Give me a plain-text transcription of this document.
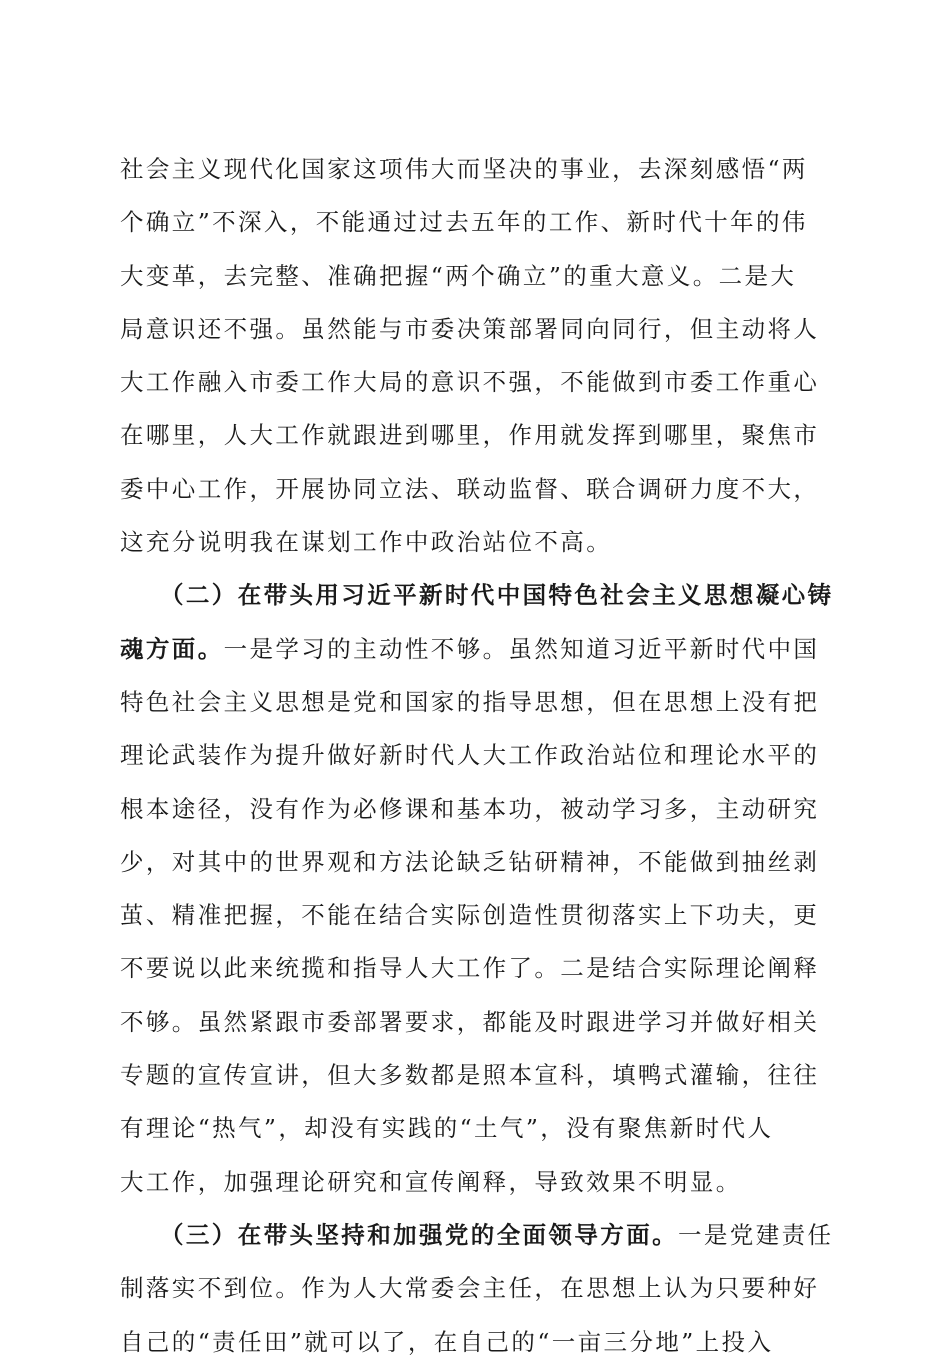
社会主义现代化国家这项伟大而坚决的事业，去深刻感悟“两
个确立”不深入，不能通过过去五年的工作、新时代十年的伟
大变革，去完整、准确把握“两个确立”的重大意义。二是大
局意识还不强。虽然能与市委决策部署同向同行，但主动将人
大工作融入市委工作大局的意识不强，不能做到市委工作重心
在哪里，人大工作就跟进到哪里，作用就发挥到哪里，聚焦市
委中心工作，开展协同立法、联动监督、联合调研力度不大，
这充分说明我在谋划工作中政治站位不高。
（二）在带头用习近平新时代中国特色社会主义思想凝心铸
魂方面。一是学习的主动性不够。虽然知道习近平新时代中国
特色社会主义思想是党和国家的指导思想，但在思想上没有把
理论武装作为提升做好新时代人大工作政治站位和理论水平的
根本途径，没有作为必修课和基本功，被动学习多，主动研究
少，对其中的世界观和方法论缺乏钻研精神，不能做到抽丝剥
茧、精准把握，不能在结合实际创造性贯彻落实上下功夫，更
不要说以此来统揽和指导人大工作了。二是结合实际理论阐释
不够。虽然紧跟市委部署要求，都能及时跟进学习并做好相关
专题的宣传宣讲，但大多数都是照本宣科，填鸭式灌输，往往
有理论“热气”，却没有实践的“土气”，没有聚焦新时代人
大工作，加强理论研究和宣传阐释，导致效果不明显。
（三）在带头坚持和加强党的全面领导方面。一是党建责任
制落实不到位。作为人大常委会主任，在思想上认为只要种好
自己的“责任田”就可以了，在自己的“一亩三分地”上投入
